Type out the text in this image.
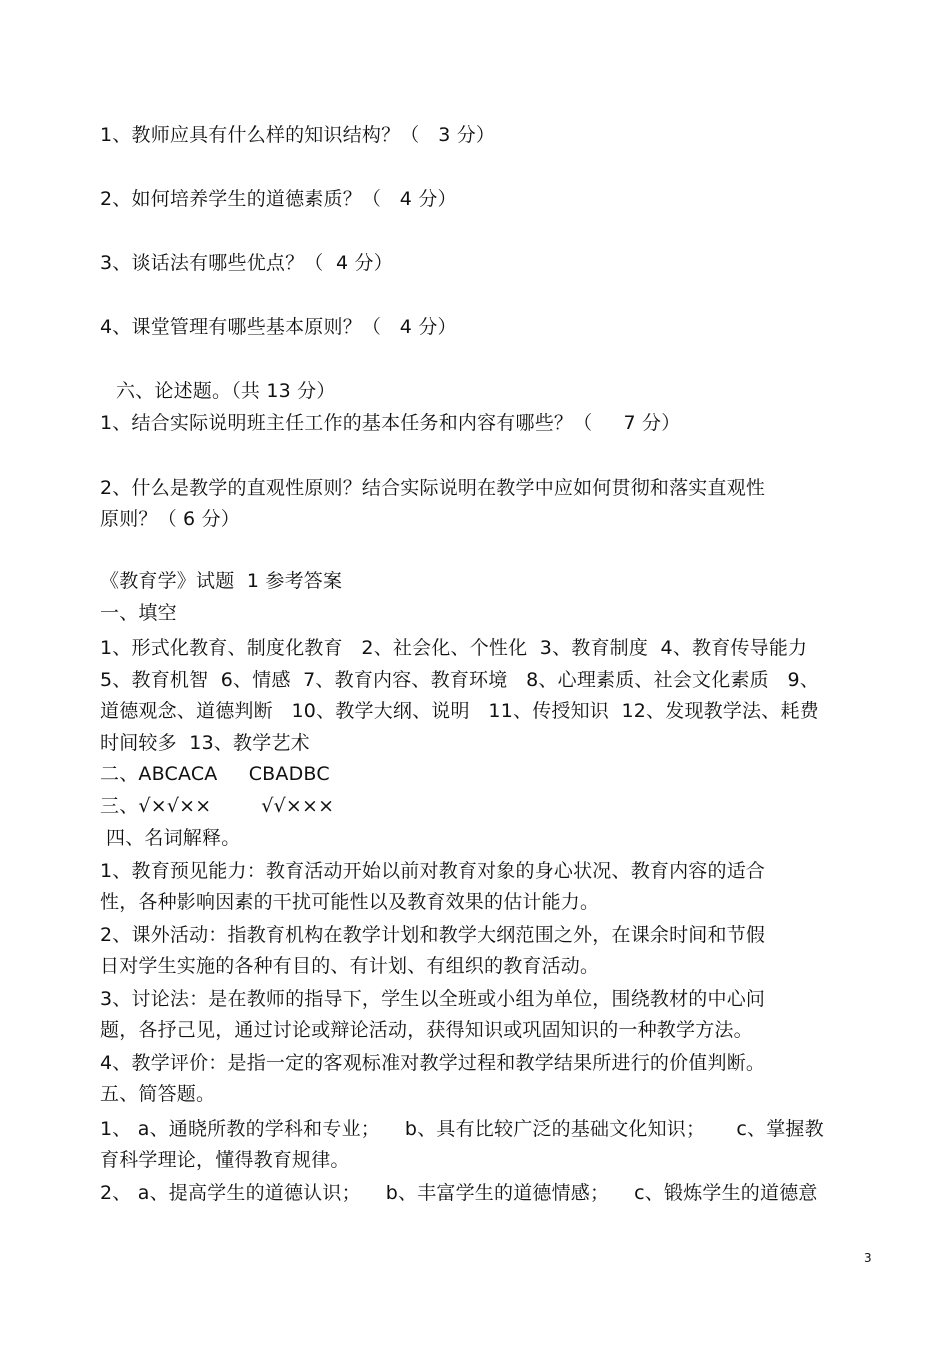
1、教师应具有什么样的知识结构？（   3 分）
2、如何培养学生的道德素质？（   4 分）
3、谈话法有哪些优点？（  4 分）
4、课堂管理有哪些基本原则？（   4 分）
六、论述题。（共 13 分）
1、结合实际说明班主任工作的基本任务和内容有哪些？（     7 分）
2、什么是教学的直观性原则？结合实际说明在教学中应如何贯彻和落实直观性
原则？（ 6 分）
《教育学》试题  1 参考答案
一、填空
1、形式化教育、制度化教育   2、社会化、个性化  3、教育制度  4、教育传导能力
5、教育机智  6、情感  7、教育内容、教育环境   8、心理素质、社会文化素质   9、
道德观念、道德判断   10、教学大纲、说明   11、传授知识  12、发现教学法、耗费
时间较多  13、教学艺术
二、ABCACA     CBADBC
三、√×√××        √√×××
四、名词解释。
1、教育预见能力：教育活动开始以前对教育对象的身心状况、教育内容的适合
性，各种影响因素的干扰可能性以及教育效果的估计能力。
2、课外活动：指教育机构在教学计划和教学大纲范围之外，在课余时间和节假
日对学生实施的各种有目的、有计划、有组织的教育活动。
3、讨论法：是在教师的指导下，学生以全班或小组为单位，围绕教材的中心问
题，各抒己见，通过讨论或辩论活动，获得知识或巩固知识的一种教学方法。
4、教学评价：是指一定的客观标准对教学过程和教学结果所进行的价值判断。
五、简答题。
1、 a、通晓所教的学科和专业；    b、具有比较广泛的基础文化知识；     c、掌握教
育科学理论，懂得教育规律。
2、 a、提高学生的道德认识；    b、丰富学生的道德情感；    c、锻炼学生的道德意
3
